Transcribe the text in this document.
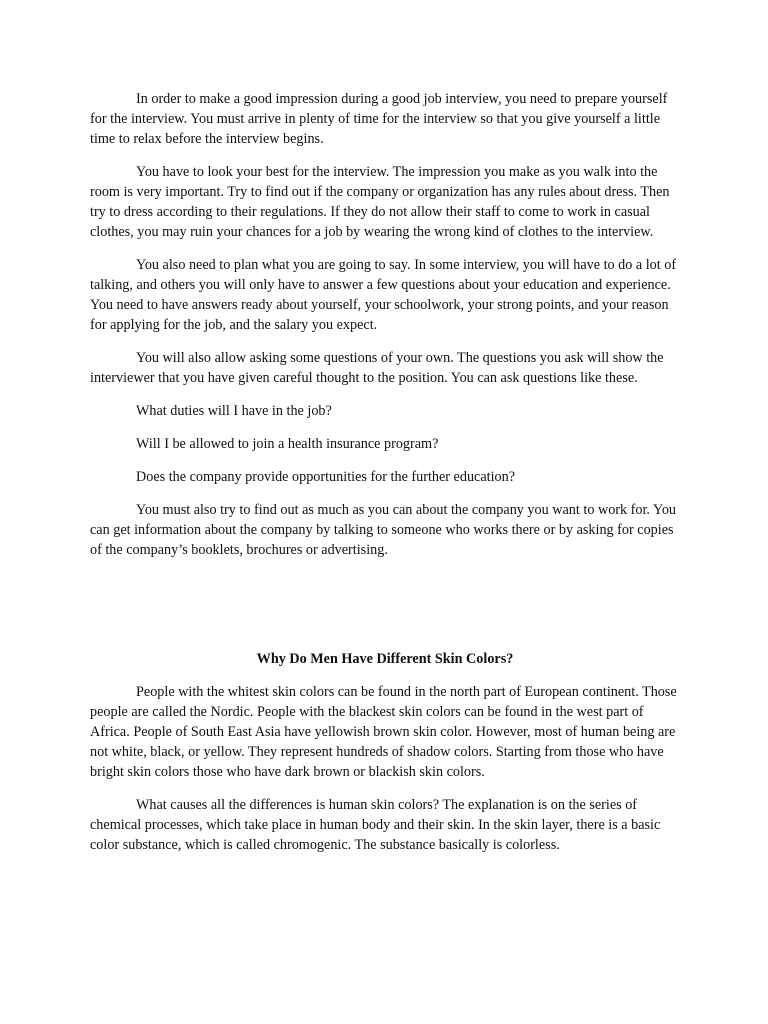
In order to make a good impression during a good job interview, you need to prepare yourself for the interview. You must arrive in plenty of time for the interview so that you give yourself a little time to relax before the interview begins.

You have to look your best for the interview. The impression you make as you walk into the room is very important. Try to find out if the company or organization has any rules about dress. Then try to dress according to their regulations. If they do not allow their staff to come to work in casual clothes, you may ruin your chances for a job by wearing the wrong kind of clothes to the interview.

You also need to plan what you are going to say. In some interview, you will have to do a lot of talking, and others you will only have to answer a few questions about your education and experience. You need to have answers ready about yourself, your schoolwork, your strong points, and your reason for applying for the job, and the salary you expect.

You will also allow asking some questions of your own. The questions you ask will show the interviewer that you have given careful thought to the position. You can ask questions like these.

What duties will I have in the job?

Will I be allowed to join a health insurance program?

Does the company provide opportunities for the further education?

You must also try to find out as much as you can about the company you want to work for. You can get information about the company by talking to someone who works there or by asking for copies of the company’s booklets, brochures or advertising.

Why Do Men Have Different Skin Colors?

People with the whitest skin colors can be found in the north part of European continent. Those people are called the Nordic. People with the blackest skin colors can be found in the west part of Africa. People of South East Asia have yellowish brown skin color. However, most of human being are not white, black, or yellow. They represent hundreds of shadow colors. Starting from those who have bright skin colors those who have dark brown or blackish skin colors.

What causes all the differences is human skin colors? The explanation is on the series of chemical processes, which take place in human body and their skin. In the skin layer, there is a basic color substance, which is called chromogenic. The substance basically is colorless.
